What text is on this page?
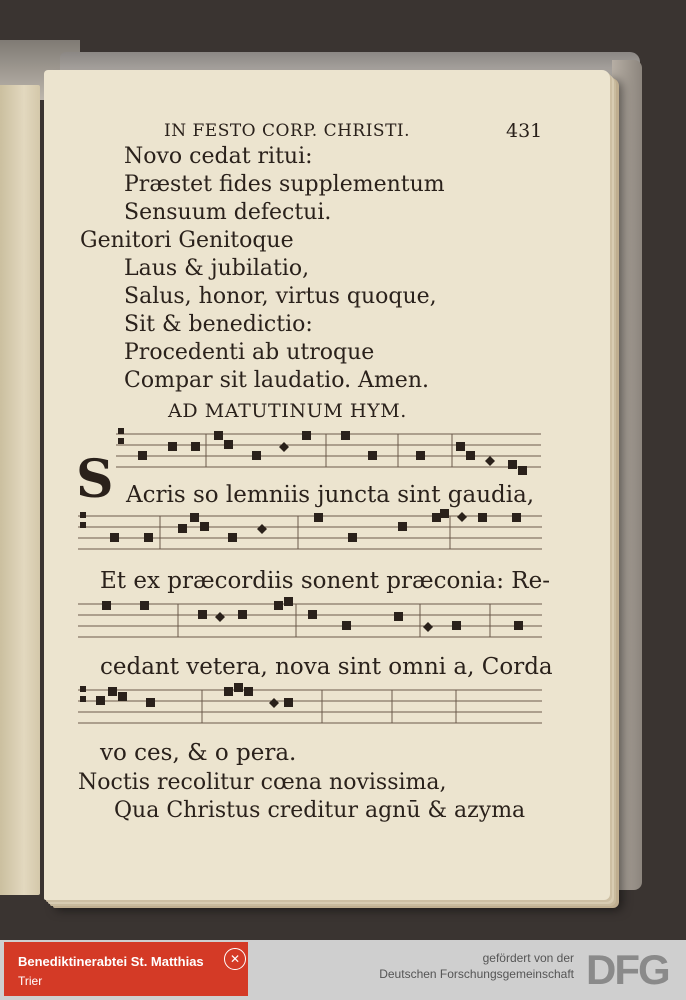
IN FESTO CORP. CHRISTI.	431
Novo cedat ritui:
Præstet fides supplementum
Sensuum defectui.
Genitori Genitoque
Laus & jubilatio,
Salus, honor, virtus quoque,
Sit & benedictio:
Procedenti ab utroque
Compar sit laudatio. Amen.
AD MATUTINUM HYM.
S Acris so lemniis juncta sint gaudia,
Et ex præcordiis sonent præconia: Re-
cedant vetera, nova sint omni a, Corda
vo ces, & o pera.
Noctis recolitur cœna novissima,
Qua Christus creditur agnū & azyma
Benediktinerabtei St. Matthias
Trier
✕	gefördert von der
Deutschen Forschungsgemeinschaft DFG
